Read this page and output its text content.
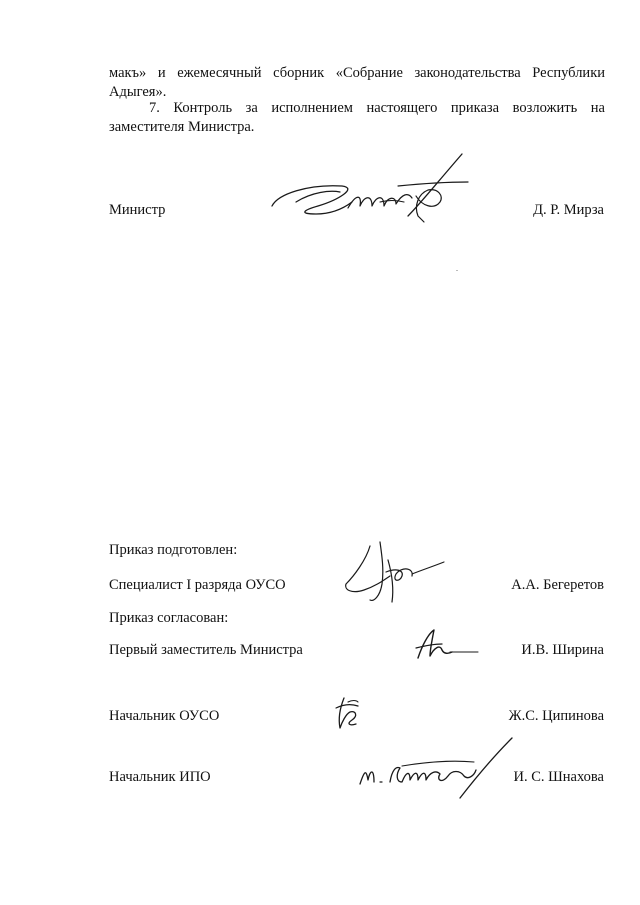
макъ» и ежемесячный сборник «Собрание законодательства Республики Адыгея».

7. Контроль за исполнением настоящего приказа возложить на заместителя Министра.

Министр	Д. Р. Мирза
Приказ подготовлен:
Специалист I разряда ОУСО	А.А. Бегеретов
Приказ согласован:
Первый заместитель Министра	И.В. Ширина
Начальник ОУСО	Ж.С. Ципинова
Начальник ИПО	И. С. Шнахова
